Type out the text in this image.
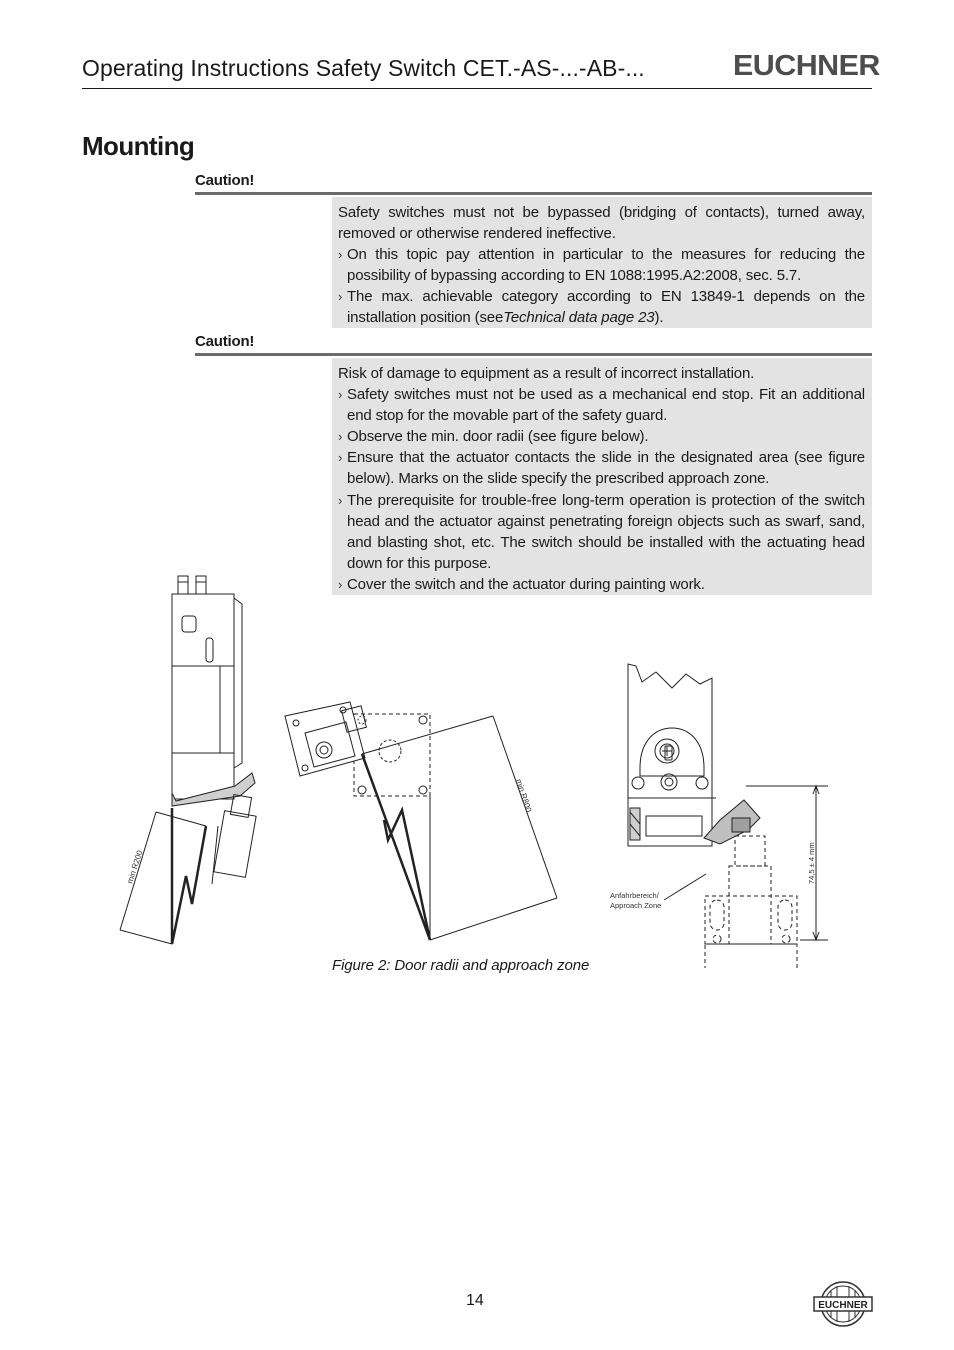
Operating Instructions Safety Switch CET.-AS-...-AB-...	EUCHNER
Mounting
Caution!

Safety switches must not be bypassed (bridging of contacts), turned away, removed or otherwise rendered ineffective.

› On this topic pay attention in particular to the measures for reducing the possibility of bypassing according to EN 1088:1995.A2:2008, sec. 5.7.
› The max. achievable category according to EN 13849-1 depends on the installation position (seeTechnical data page 23).
Caution!

Risk of damage to equipment as a result of incorrect installation.

› Safety switches must not be used as a mechanical end stop. Fit an additional end stop for the movable part of the safety guard.
› Observe the min. door radii (see figure below).
› Ensure that the actuator contacts the slide in the designated area (see figure below). Marks on the slide specify the prescribed approach zone.
› The prerequisite for trouble-free long-term operation is protection of the switch head and the actuator against penetrating foreign objects such as swarf, sand, and blasting shot, etc. The switch should be installed with the actuating head down for this purpose.
› Cover the switch and the actuator during painting work.
min R200
min R800
74,5 ± 4 mm
Anfahrbereich/
Approach Zone
Figure 2: Door radii and approach zone
14	EUCHNER
